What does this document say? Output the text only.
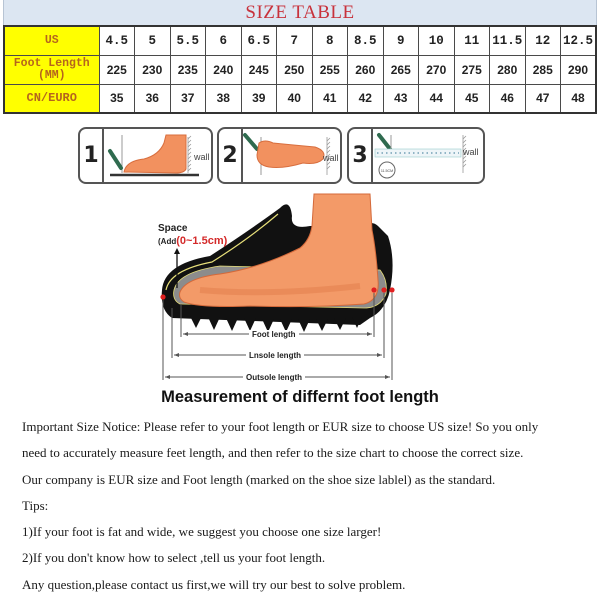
SIZE TABLE
US	4.5	5	5.5	6	6.5	7	8	8.5	9	10	11	11.5	12	12.5

Foot Length
(MM)	225	230	235	240	245	250	255	260	265	270	275	280	285	290
CN/EURO	35	36	37	38	39	40	41	42	43	44	45	46	47	48
1	wall 2	wall 3
11.5CM
wall
Space
(Add(0~1.5cm)
Foot length
Lnsole length
Outsole length
Measurement of differnt foot length

Important Size Notice: Please refer to your foot length or EUR size to choose US size! So you only

need to accurately measure feet length, and then refer to the size chart to choose the correct size.

Our company is EUR size and Foot length (marked on the shoe size lablel) as the standard.

Tips:

1)If your foot is fat and wide, we suggest you choose one size larger!

2)If you don't know how to select ,tell us your foot length.

Any question,please contact us first,we will try our best to solve problem.
